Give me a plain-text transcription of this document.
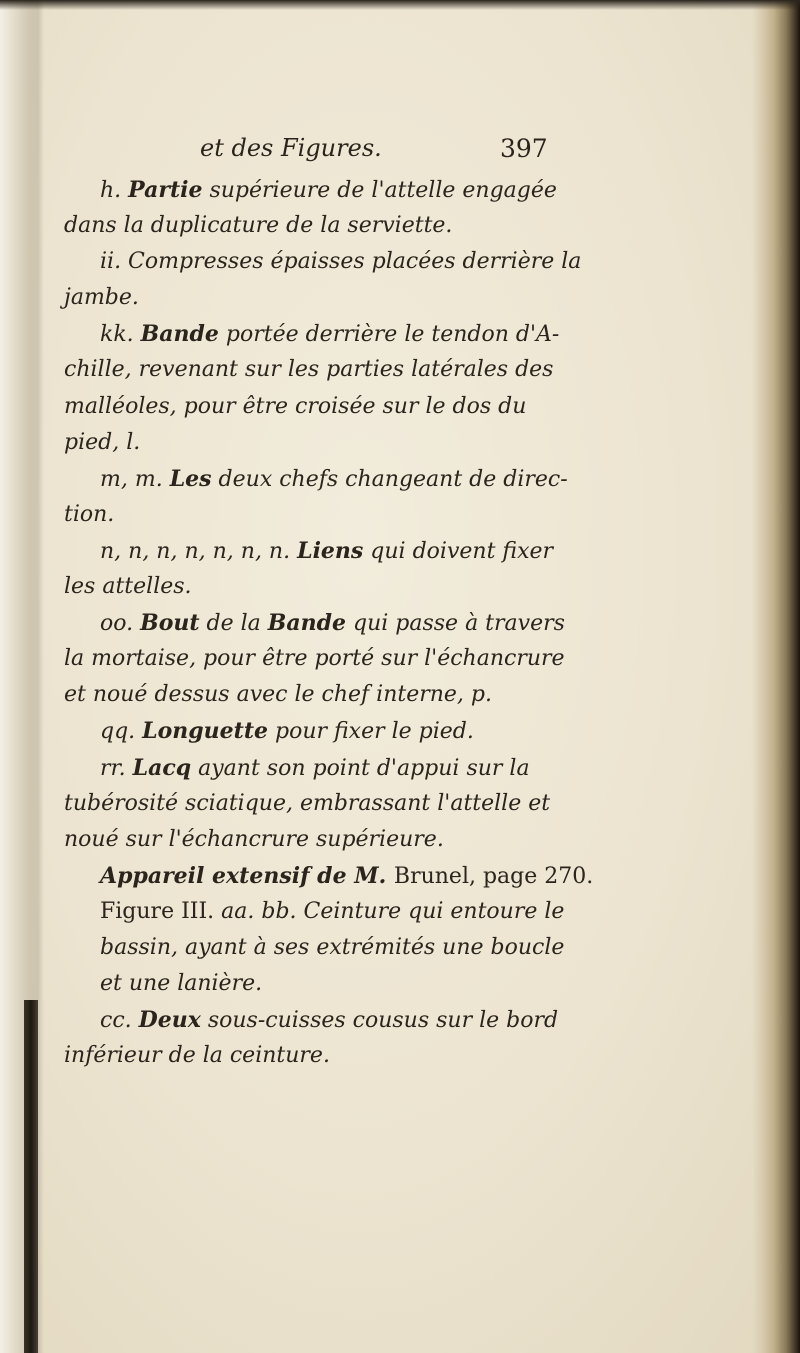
et des Figures.	397
h. Partie supérieure de l'attelle engagée
dans la duplicature de la serviette.
ii. Compresses épaisses placées derrière la
jambe.
kk. Bande portée derrière le tendon d'A-
chille, revenant sur les parties latérales des
malléoles, pour être croisée sur le dos du
pied, l.
m, m. Les deux chefs changeant de direc-
tion.
n, n, n, n, n, n, n. Liens qui doivent fixer
les attelles.
oo. Bout de la Bande qui passe à travers
la mortaise, pour être porté sur l'échancrure
et noué dessus avec le chef interne, p.
qq. Longuette pour fixer le pied.
rr. Lacq ayant son point d'appui sur la
tubérosité sciatique, embrassant l'attelle et
noué sur l'échancrure supérieure.
Appareil extensif de M. Brunel, page 270.
Figure III. aa. bb. Ceinture qui entoure le
bassin, ayant à ses extrémités une boucle
et une lanière.
cc. Deux sous-cuisses cousus sur le bord
inférieur de la ceinture.
